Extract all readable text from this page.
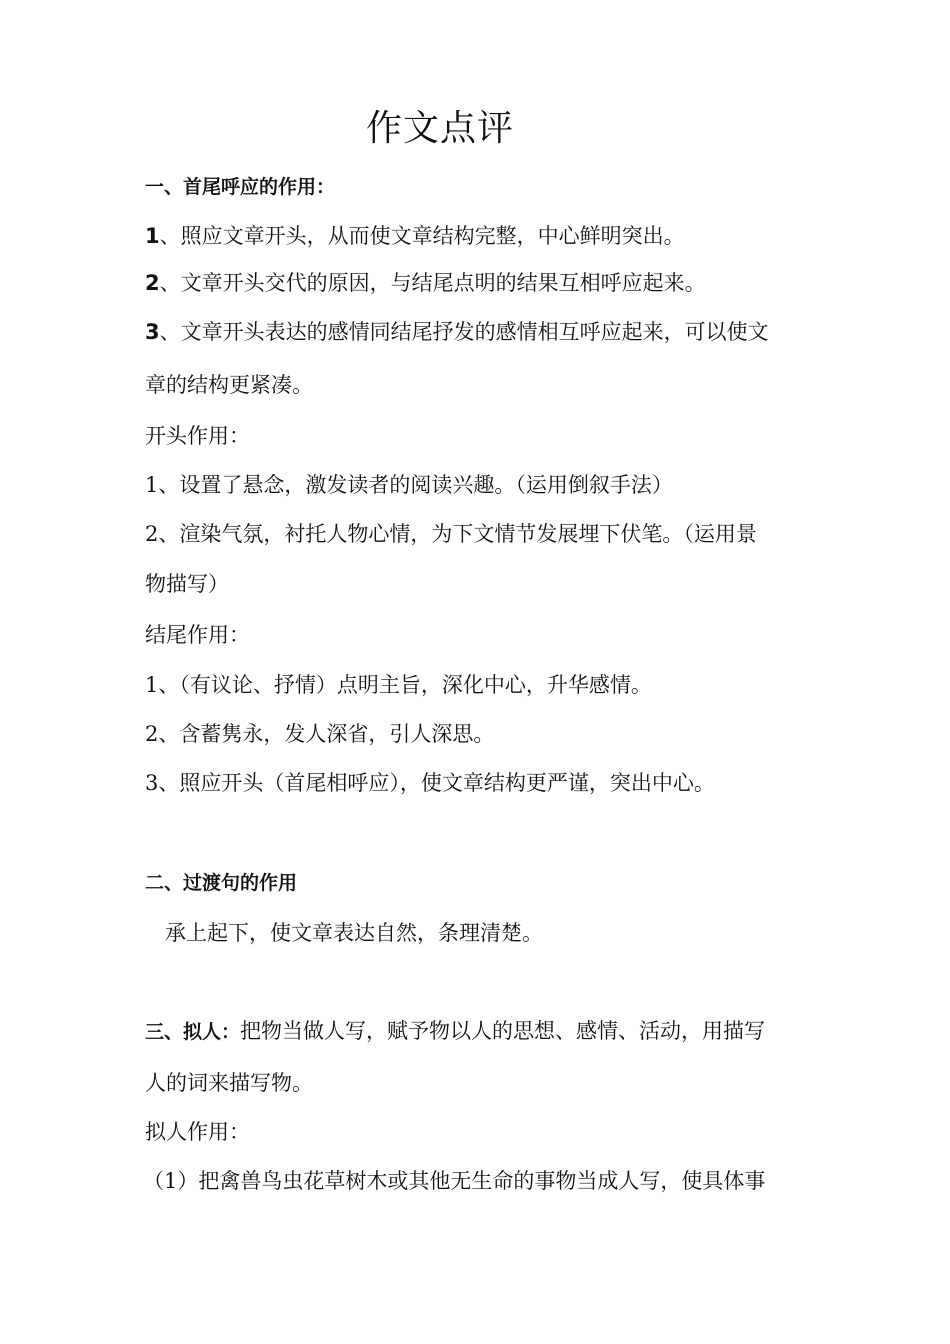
作文点评
一、首尾呼应的作用：
1、照应文章开头，从而使文章结构完整，中心鲜明突出。
2、文章开头交代的原因，与结尾点明的结果互相呼应起来。
3、文章开头表达的感情同结尾抒发的感情相互呼应起来，可以使文
章的结构更紧凑。
开头作用：
1、设置了悬念，激发读者的阅读兴趣。（运用倒叙手法）
2、渲染气氛，衬托人物心情，为下文情节发展埋下伏笔。（运用景
物描写）
结尾作用：
1、（有议论、抒情）点明主旨，深化中心，升华感情。
2、含蓄隽永，发人深省，引人深思。
3、照应开头（首尾相呼应），使文章结构更严谨，突出中心。
二、过渡句的作用
承上起下，使文章表达自然，条理清楚。
三、拟人：把物当做人写，赋予物以人的思想、感情、活动，用描写
人的词来描写物。
拟人作用：
（1）把禽兽鸟虫花草树木或其他无生命的事物当成人写，使具体事
